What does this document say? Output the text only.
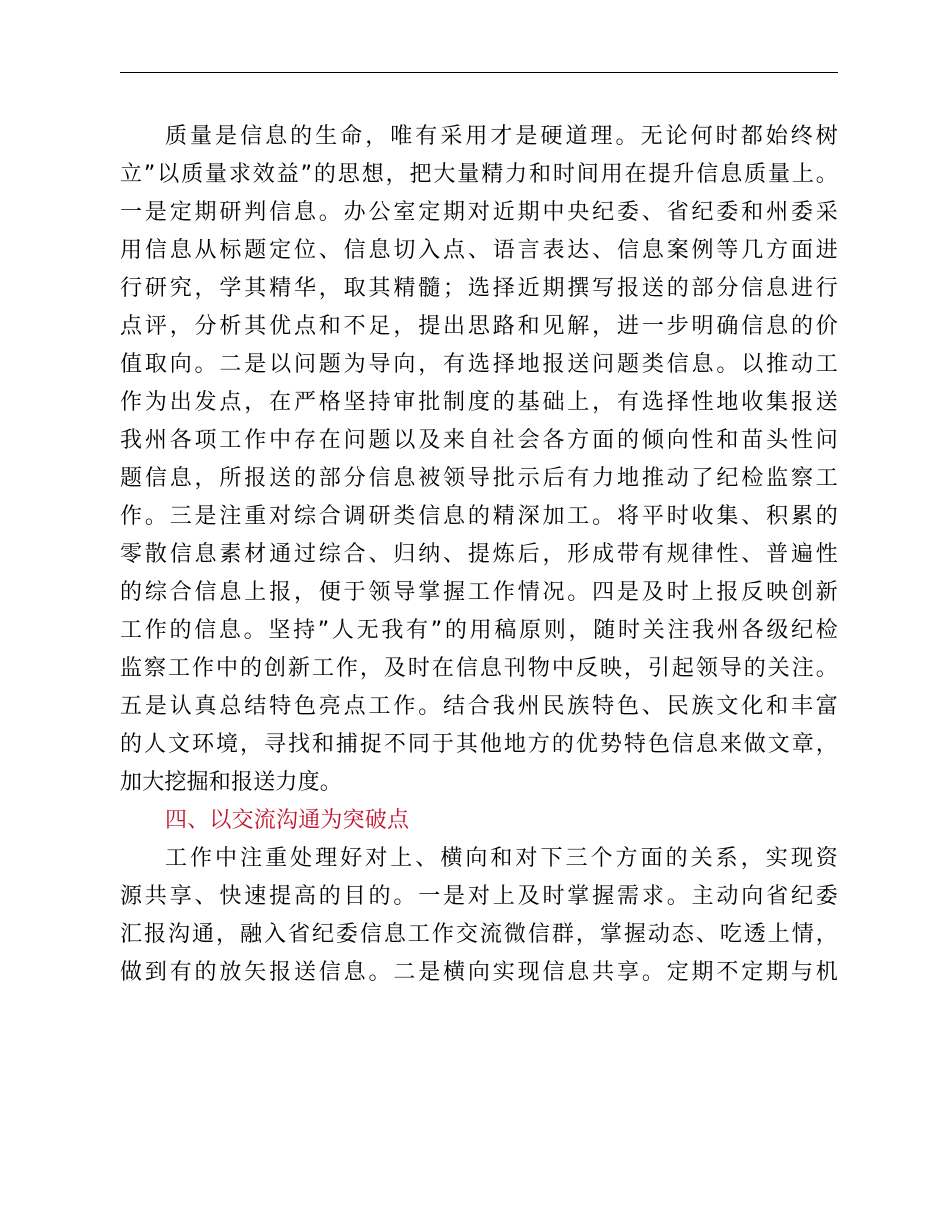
质量是信息的生命，唯有采用才是硬道理。无论何时都始终树
立”以质量求效益”的思想，把大量精力和时间用在提升信息质量上。
一是定期研判信息。办公室定期对近期中央纪委、省纪委和州委采
用信息从标题定位、信息切入点、语言表达、信息案例等几方面进
行研究，学其精华，取其精髓；选择近期撰写报送的部分信息进行
点评，分析其优点和不足，提出思路和见解，进一步明确信息的价
值取向。二是以问题为导向，有选择地报送问题类信息。以推动工
作为出发点，在严格坚持审批制度的基础上，有选择性地收集报送
我州各项工作中存在问题以及来自社会各方面的倾向性和苗头性问
题信息，所报送的部分信息被领导批示后有力地推动了纪检监察工
作。三是注重对综合调研类信息的精深加工。将平时收集、积累的
零散信息素材通过综合、归纳、提炼后，形成带有规律性、普遍性
的综合信息上报，便于领导掌握工作情况。四是及时上报反映创新
工作的信息。坚持”人无我有”的用稿原则，随时关注我州各级纪检
监察工作中的创新工作，及时在信息刊物中反映，引起领导的关注。
五是认真总结特色亮点工作。结合我州民族特色、民族文化和丰富
的人文环境，寻找和捕捉不同于其他地方的优势特色信息来做文章，
加大挖掘和报送力度。
四、以交流沟通为突破点
工作中注重处理好对上、横向和对下三个方面的关系，实现资
源共享、快速提高的目的。一是对上及时掌握需求。主动向省纪委
汇报沟通，融入省纪委信息工作交流微信群，掌握动态、吃透上情，
做到有的放矢报送信息。二是横向实现信息共享。定期不定期与机
